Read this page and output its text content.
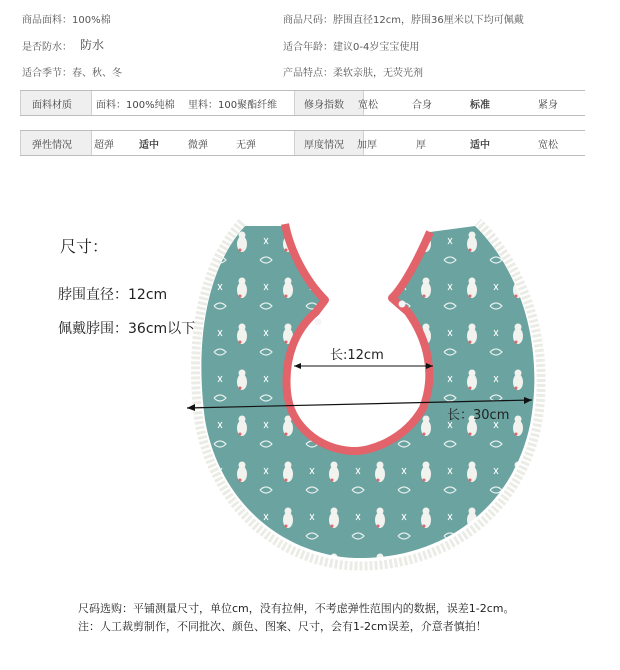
商品面料： 100%棉	商品尺码： 脖围直径12cm，脖围36厘米以下均可佩戴
是否防水： 防水	适合年龄： 建议0-4岁宝宝使用
适合季节： 春、秋、冬	产品特点： 柔软亲肤，无荧光剂
面料材质 面料：100%纯棉 里料：100聚酯纤维	修身指数 宽松	合身	标准	紧身
弹性情况 超弹	适中	微弹	无弹	厚度情况 加厚	厚	适中	宽松
尺寸：
脖围直径：12cm
佩戴脖围：36cm以下
长:12cm
长：30cm
尺码选购：平铺测量尺寸，单位cm，没有拉伸，不考虑弹性范围内的数据，误差1-2cm。
注：人工裁剪制作，不同批次、颜色、图案、尺寸，会有1-2cm误差，介意者慎拍！
